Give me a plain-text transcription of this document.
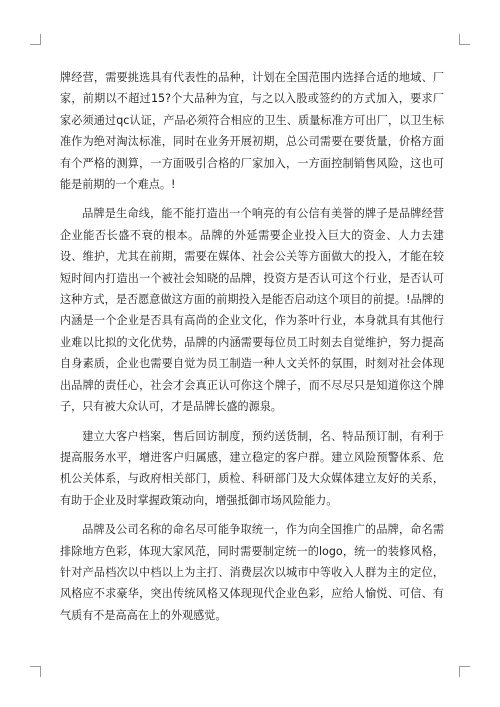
牌经营，需要挑选具有代表性的品种，计划在全国范围内选择合适的地域、厂家，前期以不超过15?个大品种为宜，与之以入股或签约的方式加入，要求厂家必须通过qc认证，产品必须符合相应的卫生、质量标准方可出厂，以卫生标准作为绝对淘汰标准，同时在业务开展初期，总公司需要在要货量，价格方面有个严格的测算，一方面吸引合格的厂家加入，一方面控制销售风险，这也可能是前期的一个难点。!

品牌是生命线，能不能打造出一个响亮的有公信有美誉的牌子是品牌经营企业能否长盛不衰的根本。品牌的外延需要企业投入巨大的资金、人力去建设、维护，尤其在前期，需要在媒体、社会公关等方面做大的投入，才能在较短时间内打造出一个被社会知晓的品牌，投资方是否认可这个行业，是否认可这种方式，是否愿意做这方面的前期投入是能否启动这个项目的前提。!品牌的内涵是一个企业是否具有高尚的企业文化，作为茶叶行业，本身就具有其他行业难以比拟的文化优势，品牌的内涵需要每位员工时刻去自觉维护，努力提高自身素质，企业也需要自觉为员工制造一种人文关怀的氛围，时刻对社会体现出品牌的责任心，社会才会真正认可你这个牌子，而不尽尽只是知道你这个牌子，只有被大众认可，才是品牌长盛的源泉。

建立大客户档案，售后回访制度，预约送货制，名、特品预订制，有利于提高服务水平，增进客户归属感，建立稳定的客户群。建立风险预警体系、危机公关体系，与政府相关部门，质检、科研部门及大众媒体建立友好的关系，有助于企业及时掌握政策动向，增强抵御市场风险能力。

品牌及公司名称的命名尽可能争取统一，作为向全国推广的品牌，命名需排除地方色彩，体现大家风范，同时需要制定统一的logo，统一的装修风格，针对产品档次以中档以上为主打、消费层次以城市中等收入人群为主的定位，风格应不求豪华，突出传统风格又体现现代企业色彩，应给人愉悦、可信、有气质有不是高高在上的外观感觉。
